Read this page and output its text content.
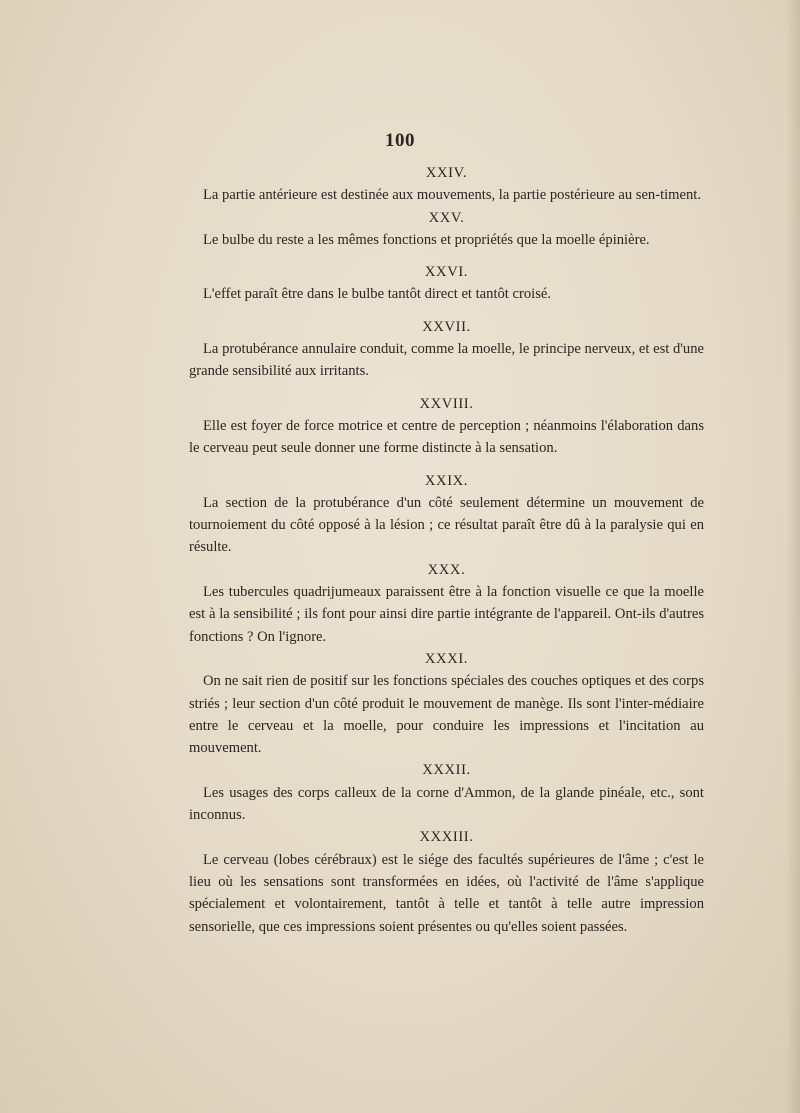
100

XXIV.

La partie antérieure est destinée aux mouvements, la partie postérieure au sen-timent.

XXV.

Le bulbe du reste a les mêmes fonctions et propriétés que la moelle épinière.

XXVI.

L'effet paraît être dans le bulbe tantôt direct et tantôt croisé.

XXVII.

La protubérance annulaire conduit, comme la moelle, le principe nerveux, et est d'une grande sensibilité aux irritants.

XXVIII.

Elle est foyer de force motrice et centre de perception ; néanmoins l'élaboration dans le cerveau peut seule donner une forme distincte à la sensation.

XXIX.

La section de la protubérance d'un côté seulement détermine un mouvement de tournoiement du côté opposé à la lésion ; ce résultat paraît être dû à la paralysie qui en résulte.

XXX.

Les tubercules quadrijumeaux paraissent être à la fonction visuelle ce que la moelle est à la sensibilité ; ils font pour ainsi dire partie intégrante de l'appareil. Ont-ils d'autres fonctions ? On l'ignore.

XXXI.

On ne sait rien de positif sur les fonctions spéciales des couches optiques et des corps striés ; leur section d'un côté produit le mouvement de manège. Ils sont l'inter-médiaire entre le cerveau et la moelle, pour conduire les impressions et l'incitation au mouvement.

XXXII.

Les usages des corps calleux de la corne d'Ammon, de la glande pinéale, etc., sont inconnus.

XXXIII.

Le cerveau (lobes cérébraux) est le siége des facultés supérieures de l'âme ; c'est le lieu où les sensations sont transformées en idées, où l'activité de l'âme s'applique spécialement et volontairement, tantôt à telle et tantôt à telle autre impression sensorielle, que ces impressions soient présentes ou qu'elles soient passées.
